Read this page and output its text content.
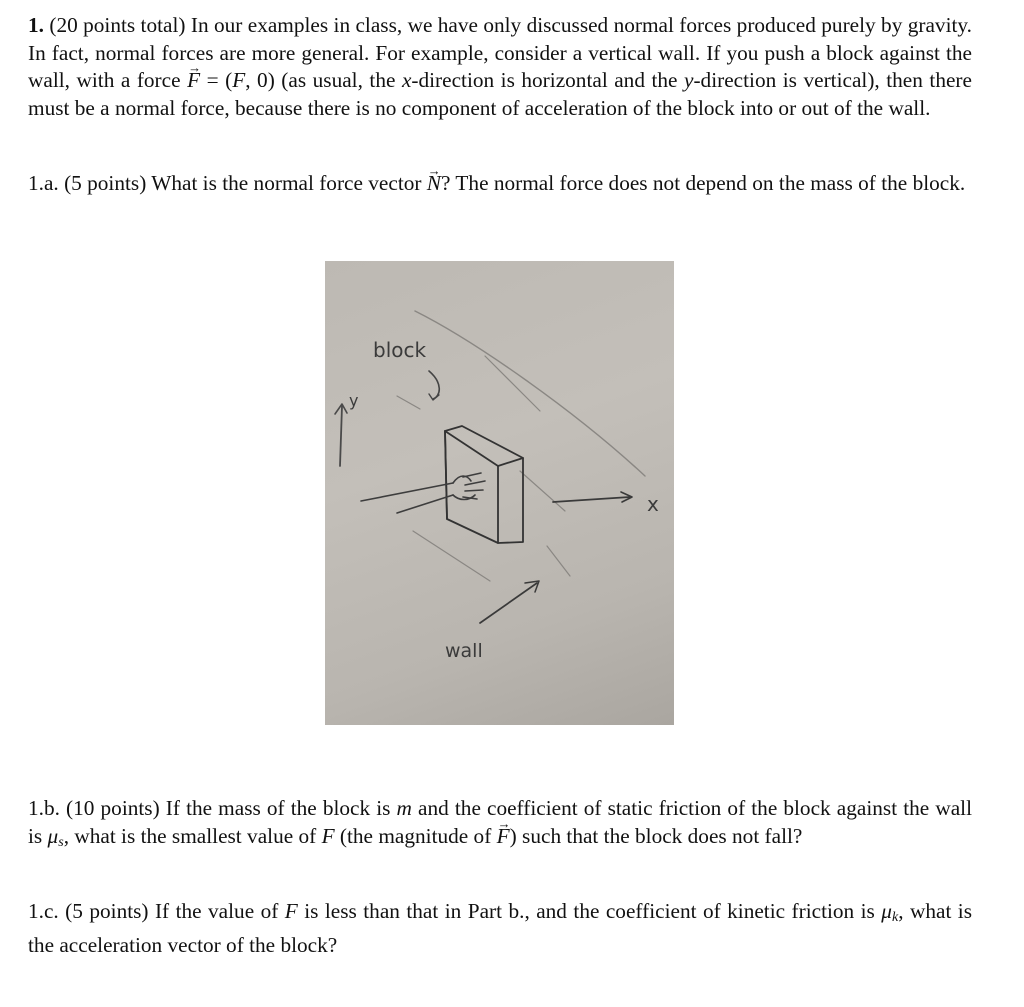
1. (20 points total) In our examples in class, we have only discussed normal forces produced purely by gravity. In fact, normal forces are more general. For example, consider a vertical wall. If you push a block against the wall, with a force → F = (F, 0) (as usual, the x-direction is horizontal and the y-direction is vertical), then there must be a normal force, because there is no component of acceleration of the block into or out of the wall.

1.a. (5 points) What is the normal force vector → N? The normal force does not depend on the mass of the block.

block
y
x
wall

1.b. (10 points) If the mass of the block is m and the coefficient of static friction of the block against the wall is $\mu_s$, what is the smallest value of F (the magnitude of → F) such that the block does not fall?

1.c. (5 points) If the value of F is less than that in Part b., and the coefficient of kinetic friction is $\mu_k$, what is the acceleration vector of the block?
